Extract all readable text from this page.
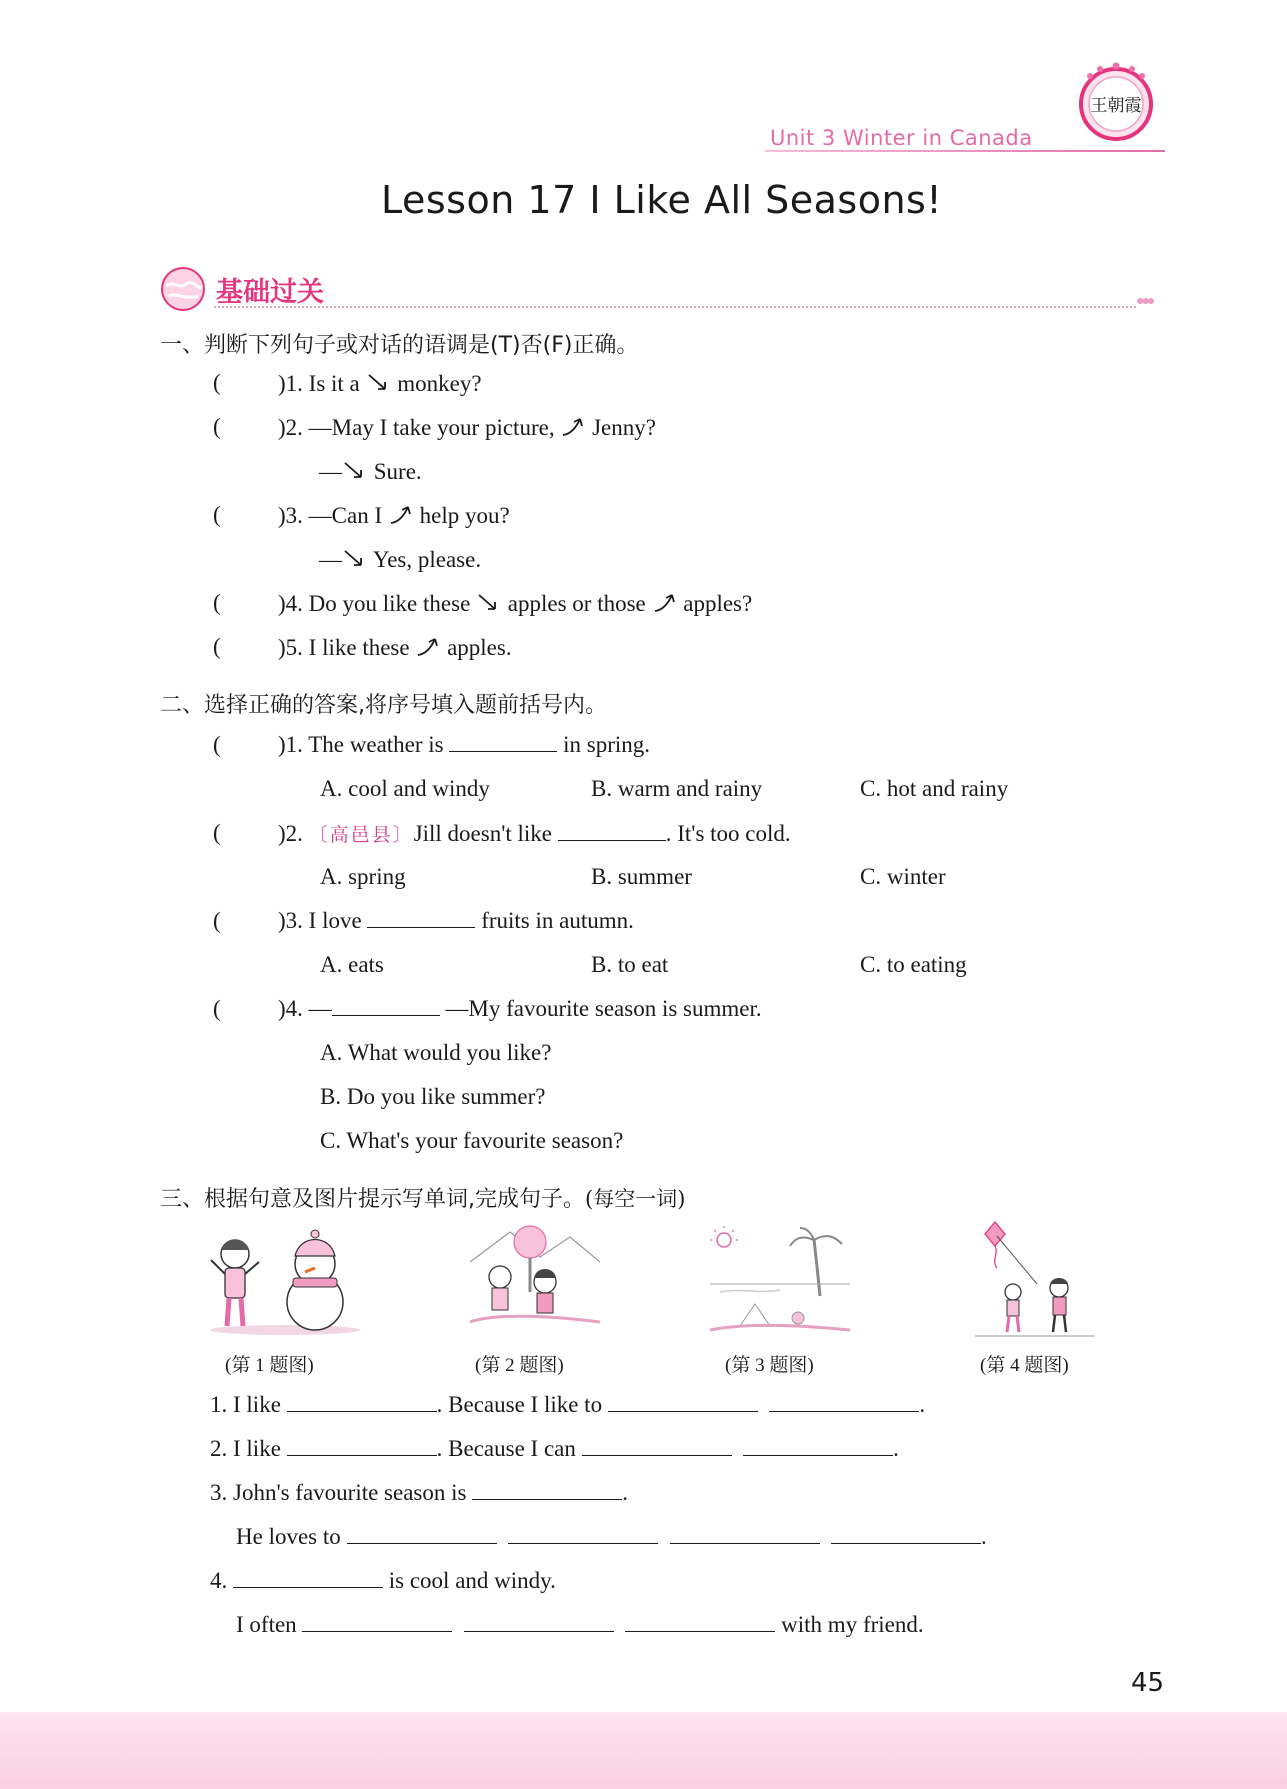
Unit 3 Winter in Canada
王朝霞
Lesson 17 I Like All Seasons!
基础过关	●●●
一、判断下列句子或对话的语调是(T)否(F)正确。
( )1. Is it a  monkey?
( )2. —May I take your picture,  Jenny?
— Sure.
( )3. —Can I  help you?
— Yes, please.
( )4. Do you like these  apples or those  apples?
( )5. I like these  apples.
二、选择正确的答案,将序号填入题前括号内。
( )1. The weather is	in spring.
A. cool and windy	B. warm and rainy	C. hot and rainy
( )2. 〔高邑县〕Jill doesn't like	. It's too cold.
A. spring	B. summer	C. winter
( )3. I love	fruits in autumn.
A. eats	B. to eat	C. to eating
( )4. —	—My favourite season is summer.
A. What would you like?
B. Do you like summer?
C. What's your favourite season?
三、根据句意及图片提示写单词,完成句子。(每空一词)
(第 1 题图)	(第 2 题图)	(第 3 题图)	(第 4 题图)
1. I like	. Because I like to	.
2. I like	. Because I can	.
3. John's favourite season is	.
He loves to	.
4.	is cool and windy.
I often	with my friend.
45
